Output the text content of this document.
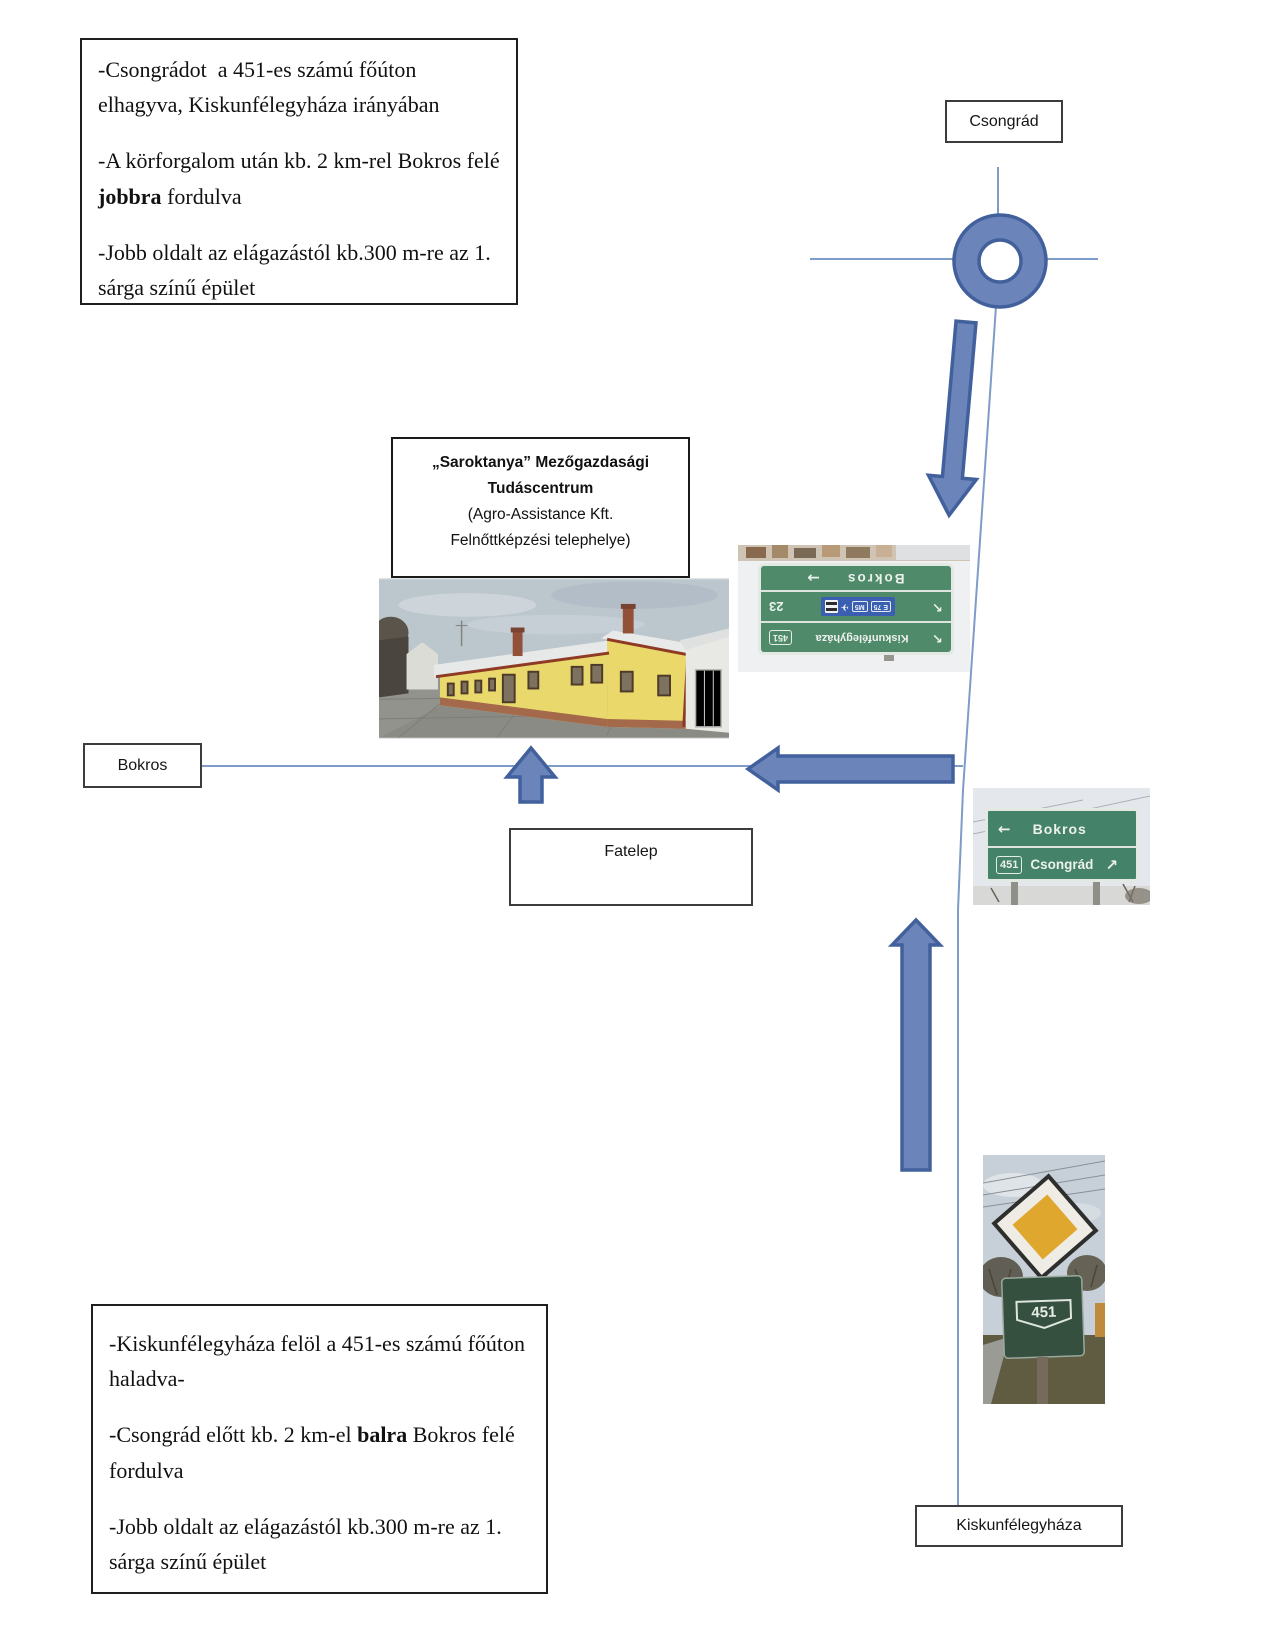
-Csongrádot  a 451-es számú főúton elhagyva, Kiskunfélegyháza irányában

-A körforgalom után kb. 2 km-rel Bokros felé jobbra fordulva

-Jobb oldalt az elágazástól kb.300 m-re az 1. sárga színű épület

Csongrád
„Saroktanya” Mezőgazdasági
Tudáscentrum
(Agro-Assistance Kft.
Felnőttképzési telephelye)
↖
Kiskunfélegyháza
451
↖
E 75
M5
✈
23
Bokros
→
Bokros
Fatelep
← Bokros
451 Csongrád ↗
451

-Kiskunfélegyháza felöl a 451-es számú főúton haladva-

-Csongrád előtt kb. 2 km-el balra Bokros felé fordulva

-Jobb oldalt az elágazástól kb.300 m-re az 1. sárga színű épület

Kiskunfélegyháza
